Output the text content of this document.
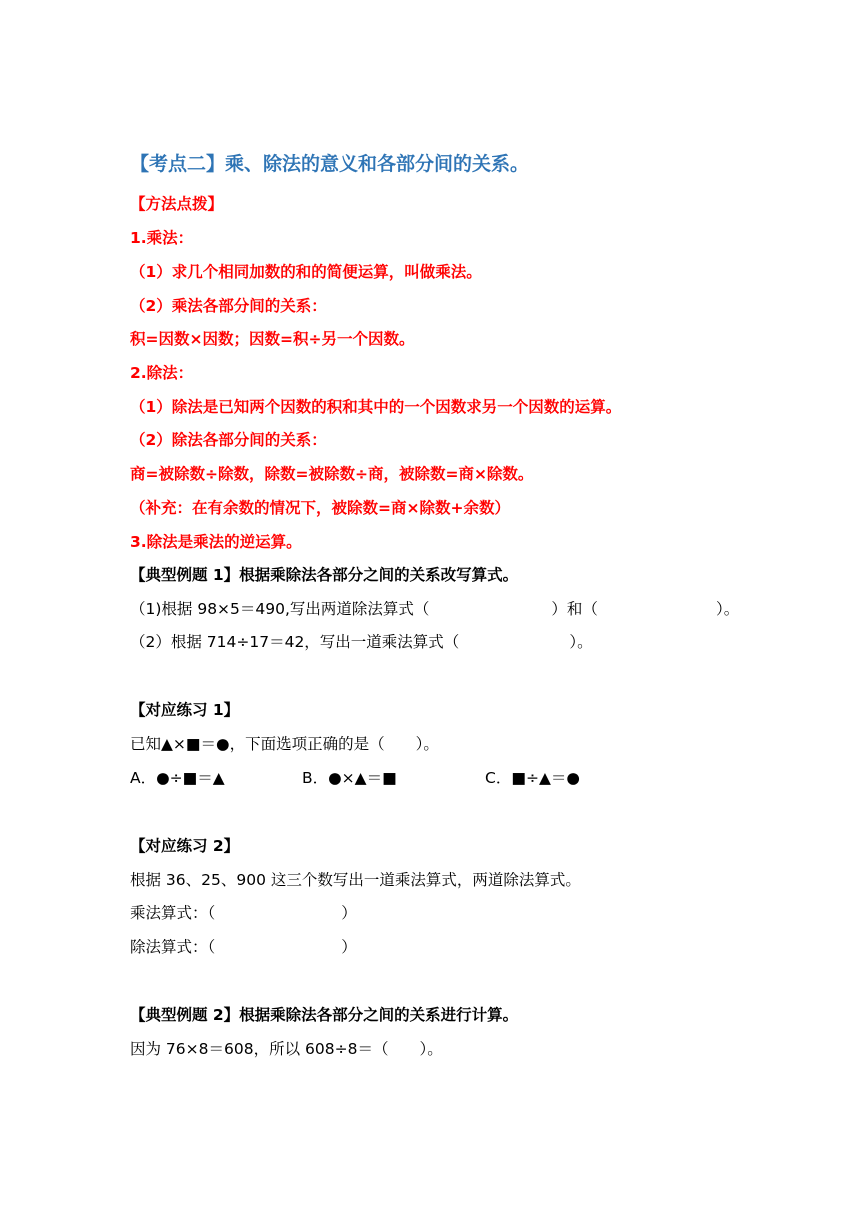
【考点二】乘、除法的意义和各部分间的关系。
【方法点拨】
1.乘法：
（1）求几个相同加数的和的简便运算，叫做乘法。
（2）乘法各部分间的关系：
积=因数×因数；因数=积÷另一个因数。
2.除法：
（1）除法是已知两个因数的积和其中的一个因数求另一个因数的运算。
（2）除法各部分间的关系：
商=被除数÷除数，除数=被除数÷商，被除数=商×除数。
（补充：在有余数的情况下，被除数=商×除数+余数）
3.除法是乘法的逆运算。
【典型例题 1】根据乘除法各部分之间的关系改写算式。
（1)根据 98×5＝490,写出两道除法算式（	）和（	）。
（2）根据 714÷17＝42，写出一道乘法算式（	）。
【对应练习 1】
已知▲×■＝●，下面选项正确的是（　　）。
A．●÷■＝▲	B．●×▲＝■	C．■÷▲＝●
【对应练习 2】
根据 36、25、900 这三个数写出一道乘法算式，两道除法算式。
乘法算式：（	）
除法算式：（	）
【典型例题 2】根据乘除法各部分之间的关系进行计算。
因为 76×8＝608，所以 608÷8＝（　　）。
